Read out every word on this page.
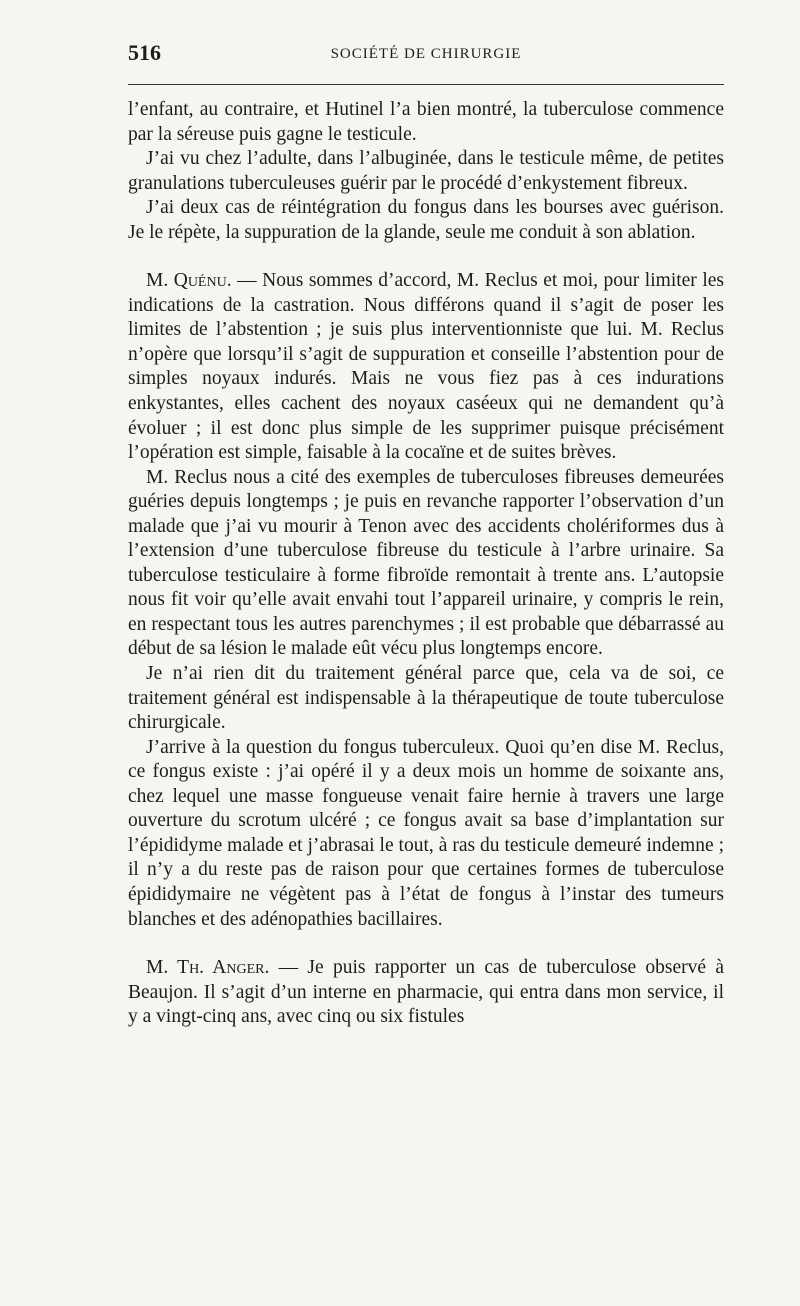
516	SOCIÉTÉ DE CHIRURGIE

l’enfant, au contraire, et Hutinel l’a bien montré, la tuberculose commence par la séreuse puis gagne le testicule.

J’ai vu chez l’adulte, dans l’albuginée, dans le testicule même, de petites granulations tuberculeuses guérir par le procédé d’enkystement fibreux.

J’ai deux cas de réintégration du fongus dans les bourses avec guérison. Je le répète, la suppuration de la glande, seule me conduit à son ablation.

M. Quénu. — Nous sommes d’accord, M. Reclus et moi, pour limiter les indications de la castration. Nous différons quand il s’agit de poser les limites de l’abstention ; je suis plus interventionniste que lui. M. Reclus n’opère que lorsqu’il s’agit de suppuration et conseille l’abstention pour de simples noyaux indurés. Mais ne vous fiez pas à ces indurations enkystantes, elles cachent des noyaux caséeux qui ne demandent qu’à évoluer ; il est donc plus simple de les supprimer puisque précisément l’opération est simple, faisable à la cocaïne et de suites brèves.

M. Reclus nous a cité des exemples de tuberculoses fibreuses demeurées guéries depuis longtemps ; je puis en revanche rapporter l’observation d’un malade que j’ai vu mourir à Tenon avec des accidents cholériformes dus à l’extension d’une tuberculose fibreuse du testicule à l’arbre urinaire. Sa tuberculose testiculaire à forme fibroïde remontait à trente ans. L’autopsie nous fit voir qu’elle avait envahi tout l’appareil urinaire, y compris le rein, en respectant tous les autres parenchymes ; il est probable que débarrassé au début de sa lésion le malade eût vécu plus longtemps encore.

Je n’ai rien dit du traitement général parce que, cela va de soi, ce traitement général est indispensable à la thérapeutique de toute tuberculose chirurgicale.

J’arrive à la question du fongus tuberculeux. Quoi qu’en dise M. Reclus, ce fongus existe : j’ai opéré il y a deux mois un homme de soixante ans, chez lequel une masse fongueuse venait faire hernie à travers une large ouverture du scrotum ulcéré ; ce fongus avait sa base d’implantation sur l’épididyme malade et j’abrasai le tout, à ras du testicule demeuré indemne ; il n’y a du reste pas de raison pour que certaines formes de tuberculose épididymaire ne végètent pas à l’état de fongus à l’instar des tumeurs blanches et des adénopathies bacillaires.

M. Th. Anger. — Je puis rapporter un cas de tuberculose observé à Beaujon. Il s’agit d’un interne en pharmacie, qui entra dans mon service, il y a vingt-cinq ans, avec cinq ou six fistules
